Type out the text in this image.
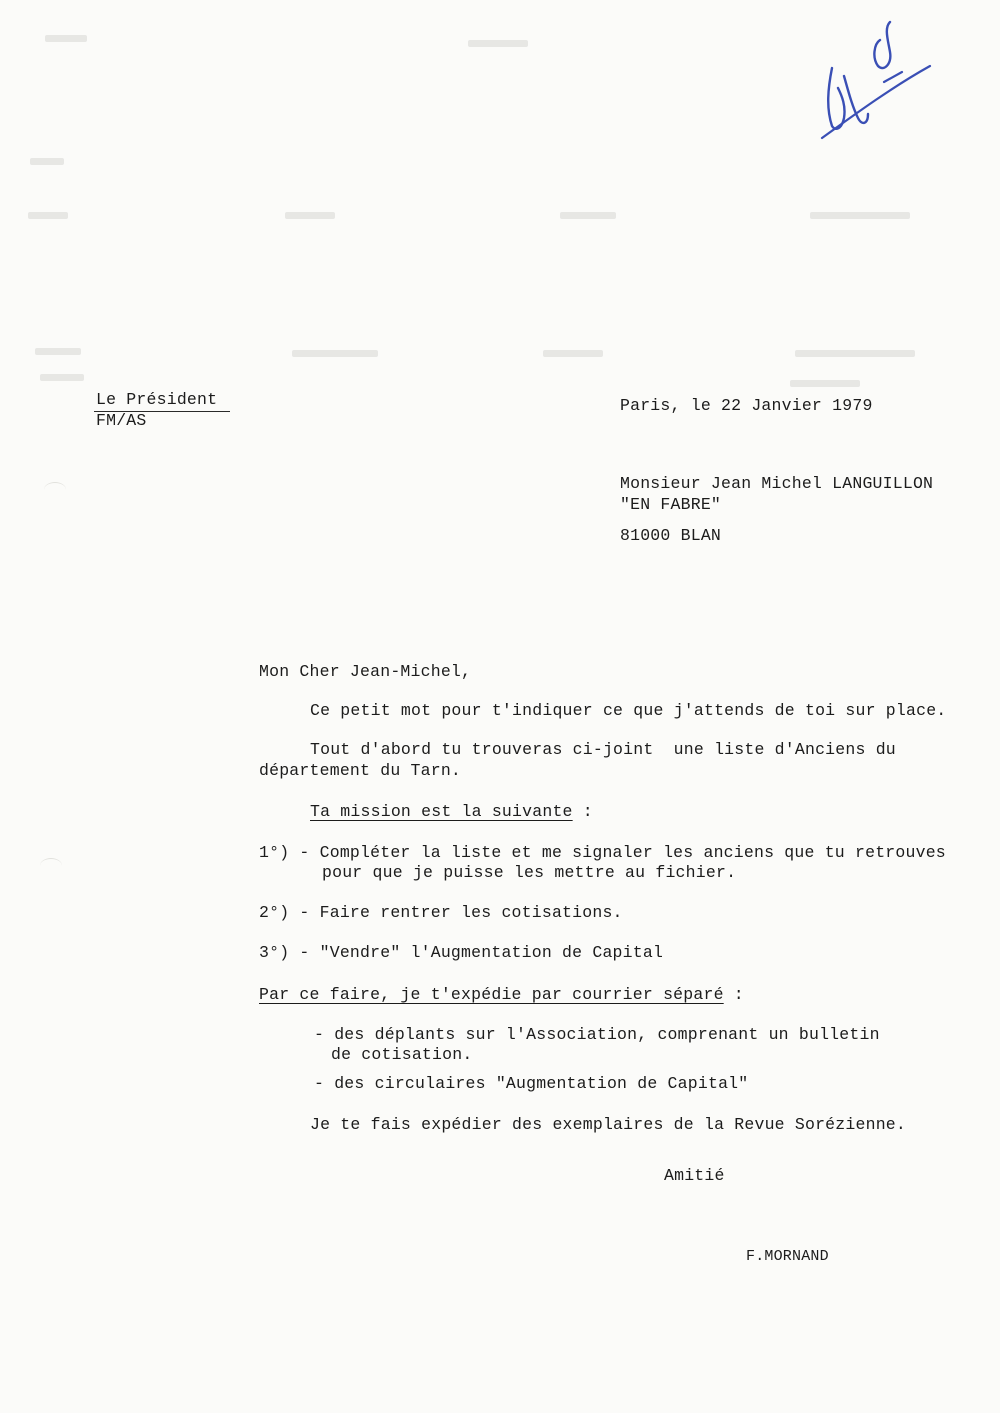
Le Président
FM/AS
Paris, le 22 Janvier 1979
Monsieur Jean Michel LANGUILLON
"EN FABRE"
81000 BLAN
Mon Cher Jean-Michel,
Ce petit mot pour t'indiquer ce que j'attends de toi sur place.
Tout d'abord tu trouveras ci-joint  une liste d'Anciens du
département du Tarn.
Ta mission est la suivante :
1°) - Compléter la liste et me signaler les anciens que tu retrouves
pour que je puisse les mettre au fichier.
2°) - Faire rentrer les cotisations.
3°) - "Vendre" l'Augmentation de Capital
Par ce faire, je t'expédie par courrier séparé :
- des déplants sur l'Association, comprenant un bulletin
de cotisation.
- des circulaires "Augmentation de Capital"
Je te fais expédier des exemplaires de la Revue Sorézienne.
Amitié
F.MORNAND
